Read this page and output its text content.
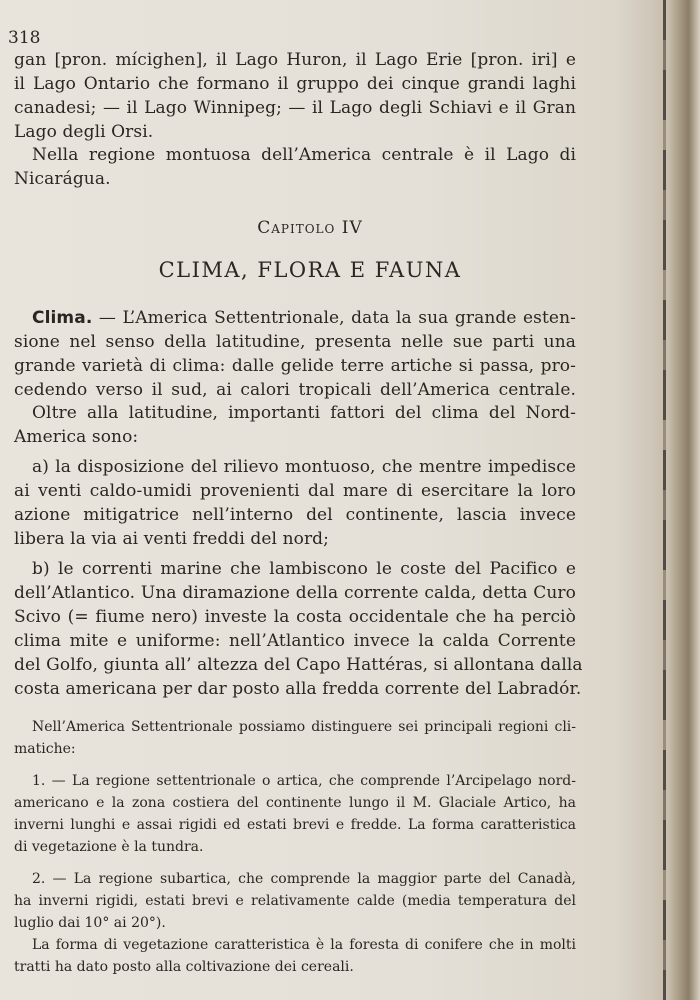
318
gan [pron. mícighen], il Lago Huron, il Lago Erie [pron. iri] e
il Lago Ontario che formano il gruppo dei cinque grandi laghi
canadesi; — il Lago Winnipeg; — il Lago degli Schiavi e il Gran
Lago degli Orsi.
Nella regione montuosa dell’America centrale è il Lago di
Nicarágua.
Capitolo IV
CLIMA, FLORA E FAUNA
Clima. — L’America Settentrionale, data la sua grande esten-
sione nel senso della latitudine, presenta nelle sue parti una
grande varietà di clima: dalle gelide terre artiche si passa, pro-
cedendo verso il sud, ai calori tropicali dell’America centrale.
Oltre alla latitudine, importanti fattori del clima del Nord-
America sono:
a) la disposizione del rilievo montuoso, che mentre impedisce
ai venti caldo-umidi provenienti dal mare di esercitare la loro
azione mitigatrice nell’interno del continente, lascia invece
libera la via ai venti freddi del nord;
b) le correnti marine che lambiscono le coste del Pacifico e
dell’Atlantico. Una diramazione della corrente calda, detta Curo
Scivo (= fiume nero) investe la costa occidentale che ha perciò
clima mite e uniforme: nell’Atlantico invece la calda Corrente
del Golfo, giunta all’ altezza del Capo Hattéras, si allontana dalla
costa americana per dar posto alla fredda corrente del Labradór.
Nell’America Settentrionale possiamo distinguere sei principali regioni cli-
matiche:
1. — La regione settentrionale o artica, che comprende l’Arcipelago nord-
americano e la zona costiera del continente lungo il M. Glaciale Artico, ha
inverni lunghi e assai rigidi ed estati brevi e fredde. La forma caratteristica
di vegetazione è la tundra.
2. — La regione subartica, che comprende la maggior parte del Canadà,
ha inverni rigidi, estati brevi e relativamente calde (media temperatura del
luglio dai 10° ai 20°).
La forma di vegetazione caratteristica è la foresta di conifere che in molti
tratti ha dato posto alla coltivazione dei cereali.
